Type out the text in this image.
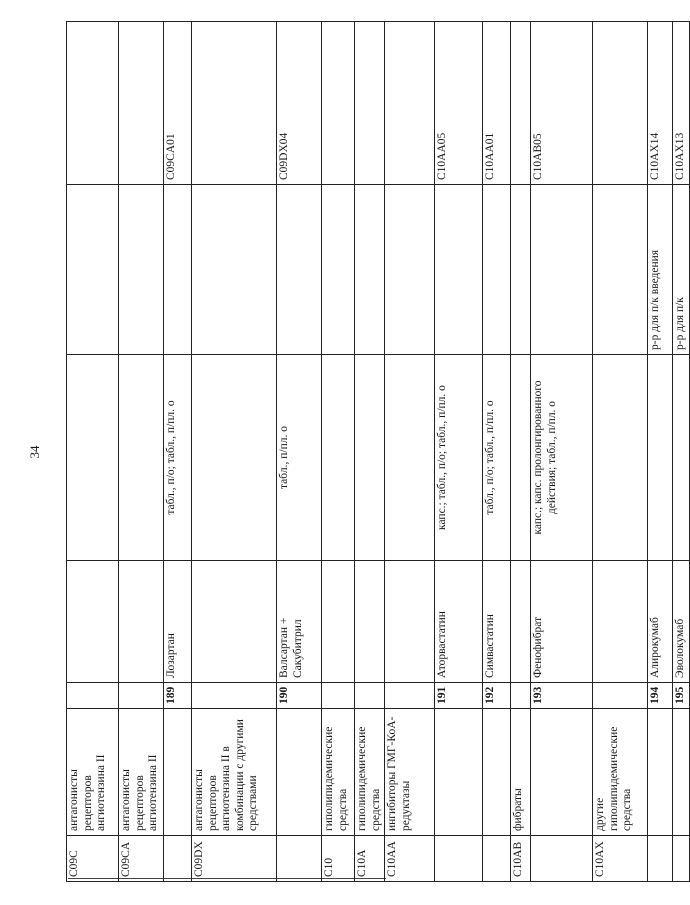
34
C09C	антагонисты рецепторов ангиотензина II					
C09CA	антагонисты рецепторов ангиотензина II					
		189	Лозартан	табл., п/о; табл., п/пл. о		C09CA01
C09DX	антагонисты рецепторов ангиотензина II в комбинации с другими средствами					
		190	Валсартан + Сакубитрил	табл., п/пл. о		C09DX04
C10	гиполипидемические средства					
C10A	гиполипидемические средства					
C10AA	ингибиторы ГМГ-КоА- редуктазы					
		191	Аторвастатин	капс.; табл., п/о; табл., п/пл. о		C10AA05
		192	Симвастатин	табл., п/о; табл., п/пл. о		C10AA01
C10AB	фибраты					
		193	Фенофибрат	капс.; капс. пролонгированного действия; табл., п/пл. о		C10AB05
C10AX	другие гиполипидемические средства					
		194	Алирокумаб		р-р для п/к введения	C10AX14
		195	Эволокумаб		р-р для п/к	C10AX13
